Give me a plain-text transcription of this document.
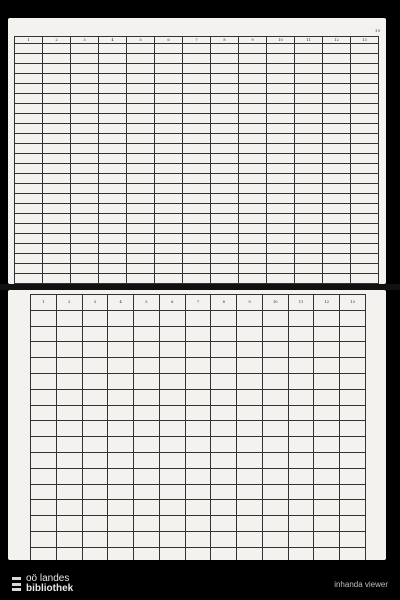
19
1	2	3	4	5	6	7	8	9	10	11	12	13

1	2	3	4	5	6	7	8	9	10	11	12	13

oö landes
bibliothek	inhanda viewer
